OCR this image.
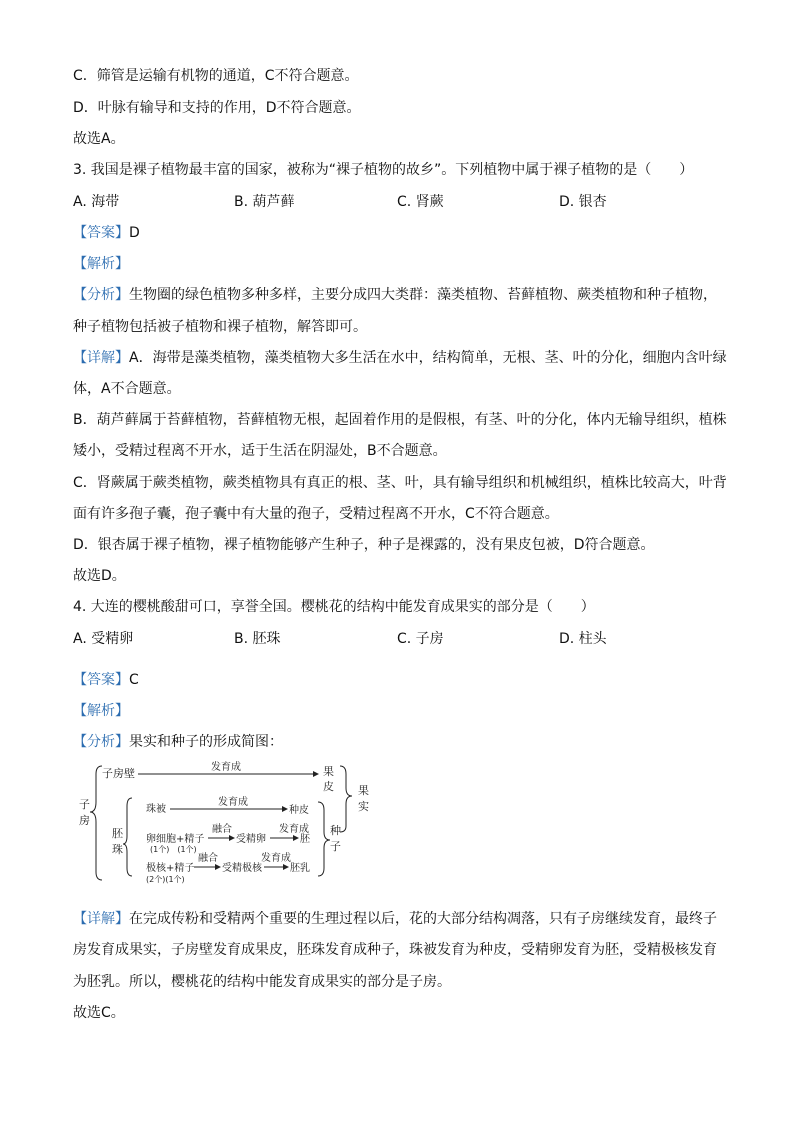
C．筛管是运输有机物的通道，C不符合题意。
D．叶脉有输导和支持的作用，D不符合题意。
故选A。
3. 我国是裸子植物最丰富的国家，被称为“裸子植物的故乡”。下列植物中属于裸子植物的是（　　）
A. 海带	B. 葫芦藓	C. 肾蕨	D. 银杏
【答案】D
【解析】
【分析】生物圈的绿色植物多种多样，主要分成四大类群：藻类植物、苔藓植物、蕨类植物和种子植物，
种子植物包括被子植物和裸子植物，解答即可。
【详解】A．海带是藻类植物，藻类植物大多生活在水中，结构简单，无根、茎、叶的分化，细胞内含叶绿
体，A不合题意。
B．葫芦藓属于苔藓植物，苔藓植物无根，起固着作用的是假根，有茎、叶的分化，体内无输导组织，植株
矮小，受精过程离不开水，适于生活在阴湿处，B不合题意。
C．肾蕨属于蕨类植物，蕨类植物具有真正的根、茎、叶，具有输导组织和机械组织，植株比较高大，叶背
面有许多孢子囊，孢子囊中有大量的孢子，受精过程离不开水，C不符合题意。
D．银杏属于裸子植物，裸子植物能够产生种子，种子是裸露的，没有果皮包被，D符合题意。
故选D。
4. 大连的樱桃酸甜可口，享誉全国。樱桃花的结构中能发育成果实的部分是（　　）
A. 受精卵	B. 胚珠	C. 子房	D. 柱头
【答案】C
【解析】
【分析】果实和种子的形成简图：
子
房
子房壁	发育成	果
皮 果
实
胚
珠
珠被
发育成
种皮
卵细胞+精子
(1个)　(1个)
融合
受精卵
发育成
胚
极核+精子
(2个)(1个)
融合
受精极核
发育成
胚乳
种
子
【详解】在完成传粉和受精两个重要的生理过程以后，花的大部分结构凋落，只有子房继续发育，最终子
房发育成果实，子房壁发育成果皮，胚珠发育成种子，珠被发育为种皮，受精卵发育为胚，受精极核发育
为胚乳。所以，樱桃花的结构中能发育成果实的部分是子房。
故选C。
